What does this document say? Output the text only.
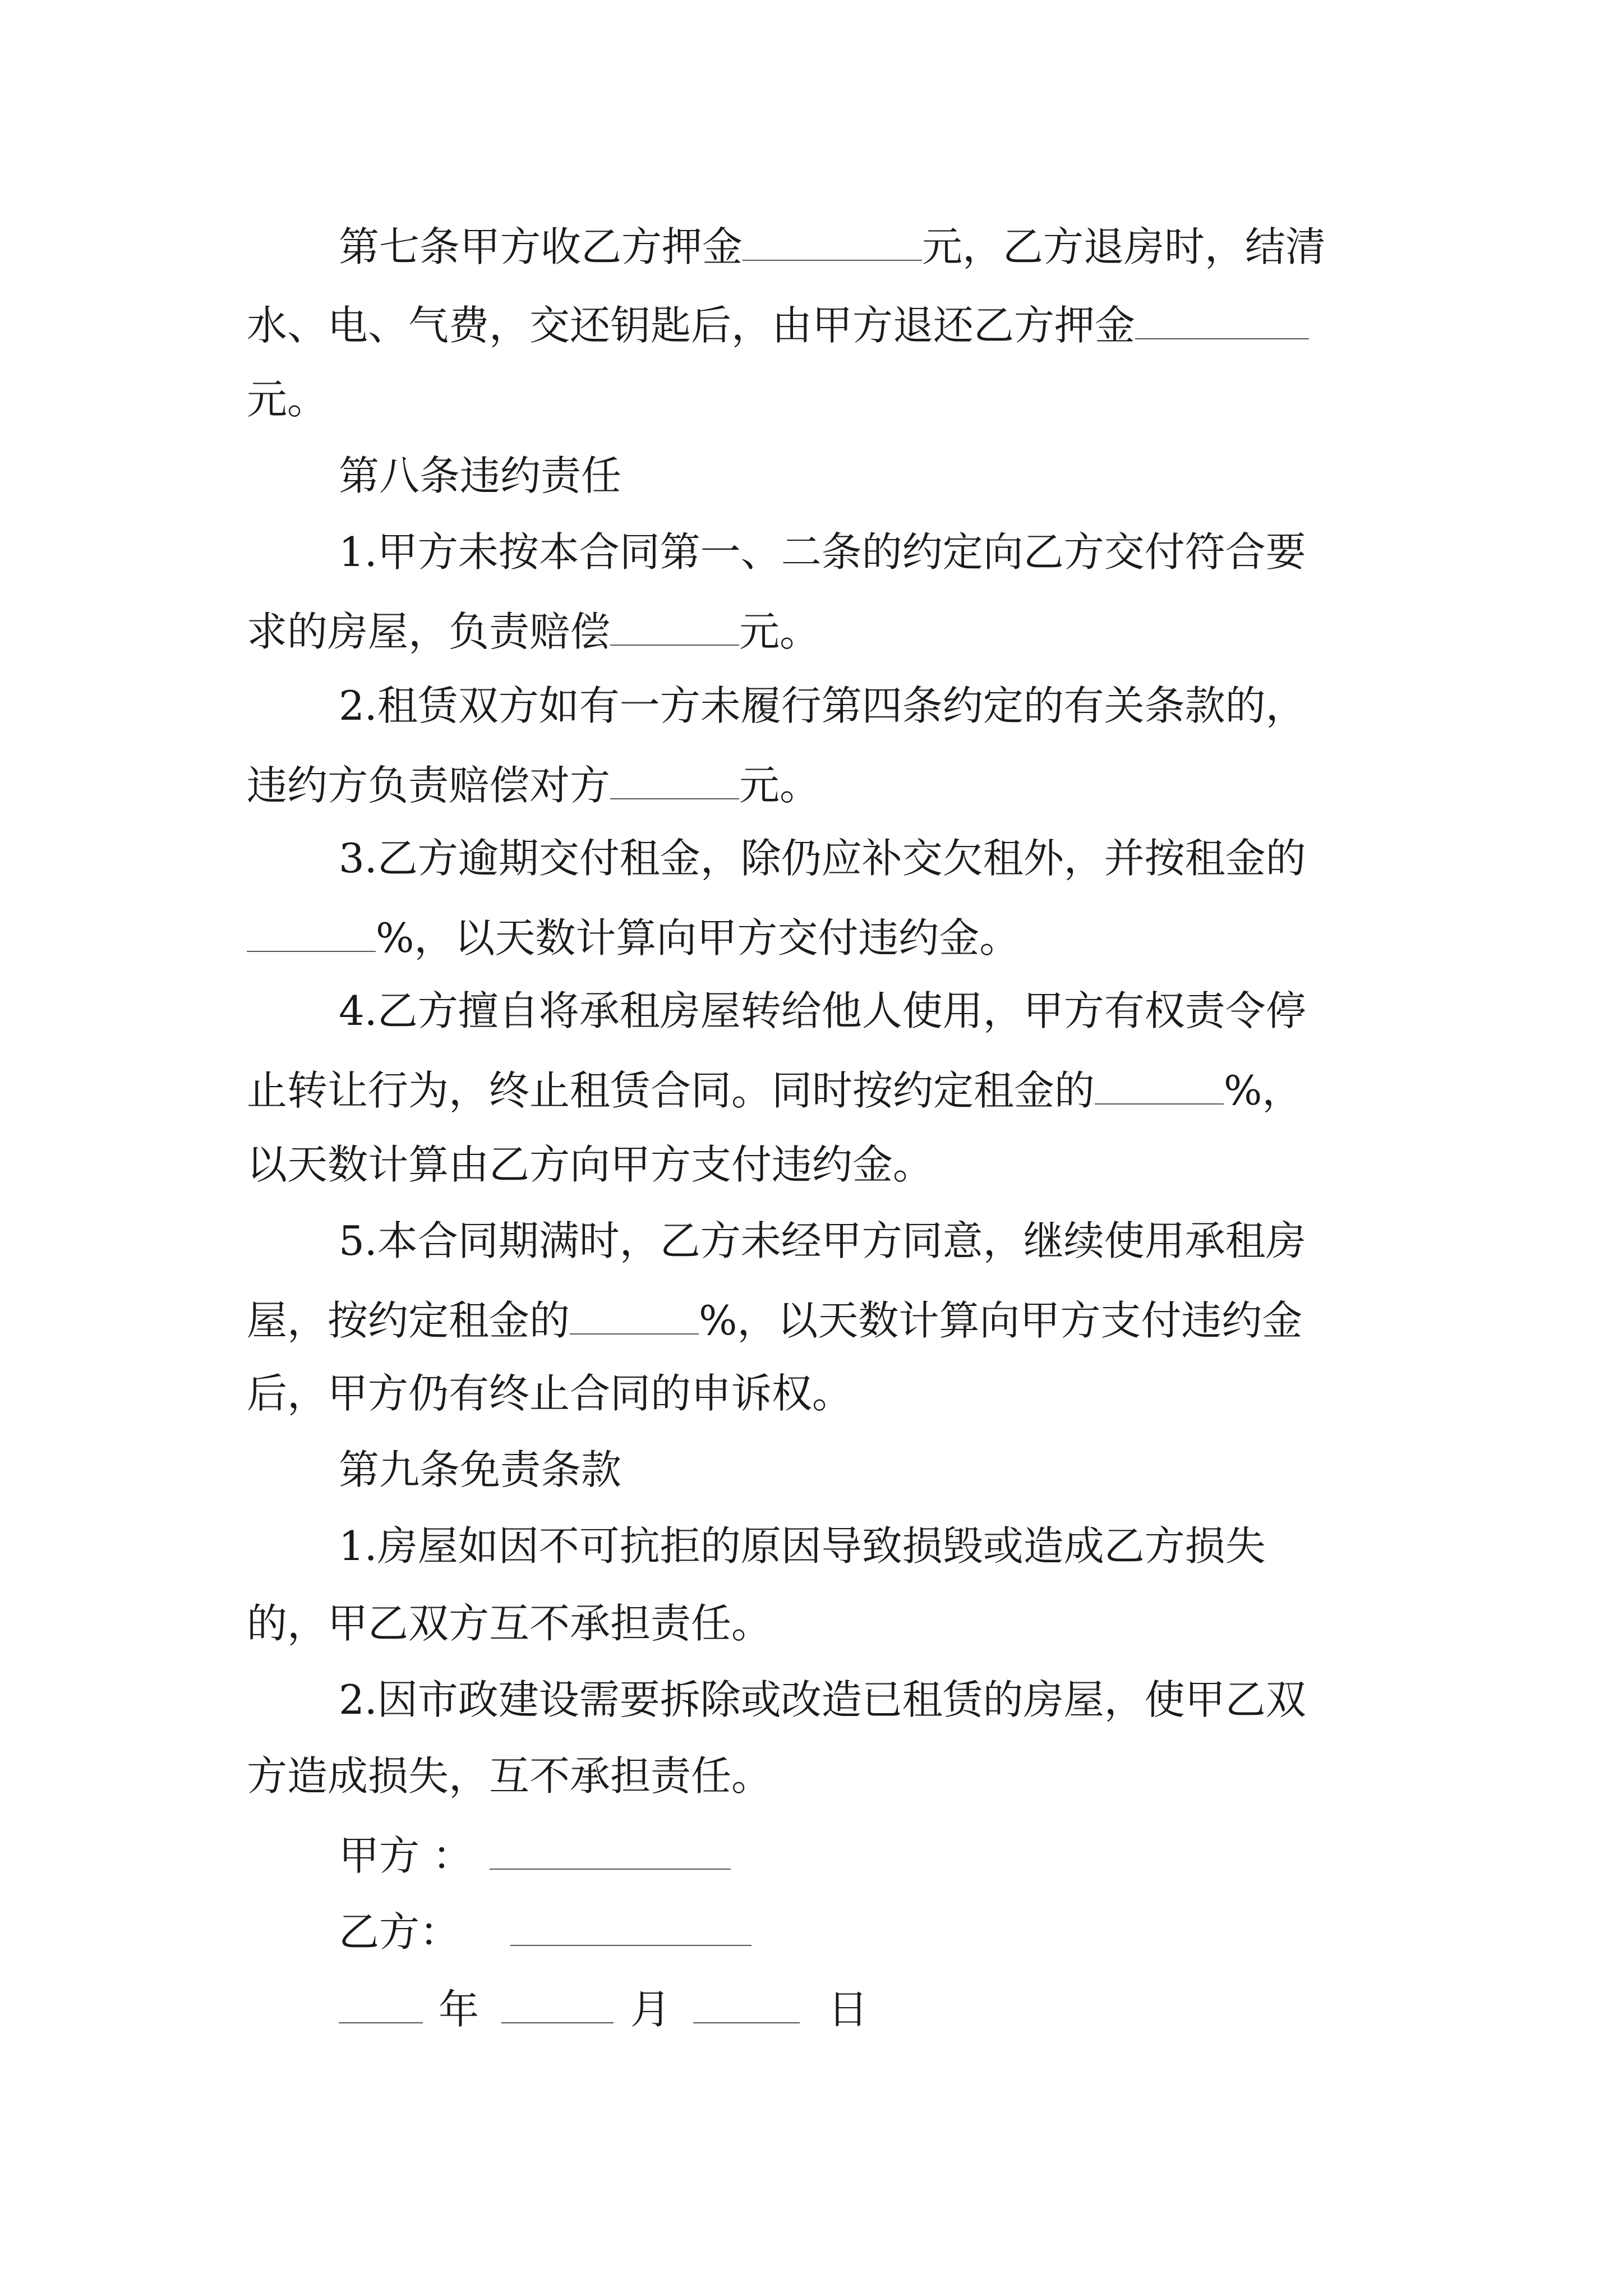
第七条甲方收乙方押金	元，乙方退房时，结清
水、电、气费，交还钥匙后，由甲方退还乙方押金
元。
第八条违约责任
1.甲方未按本合同第一、二条的约定向乙方交付符合要
求的房屋，负责赔偿	元。
2.租赁双方如有一方未履行第四条约定的有关条款的，
违约方负责赔偿对方	元。
3.乙方逾期交付租金，除仍应补交欠租外，并按租金的
%，以天数计算向甲方交付违约金。
4.乙方擅自将承租房屋转给他人使用，甲方有权责令停
止转让行为，终止租赁合同。同时按约定租金的	%，
以天数计算由乙方向甲方支付违约金。
5.本合同期满时，乙方未经甲方同意，继续使用承租房
屋，按约定租金的	%，以天数计算向甲方支付违约金
后，甲方仍有终止合同的申诉权。
第九条免责条款
1.房屋如因不可抗拒的原因导致损毁或造成乙方损失
的，甲乙双方互不承担责任。
2.因市政建设需要拆除或改造已租赁的房屋，使甲乙双
方造成损失，互不承担责任。
甲方 ：
乙方：
年	月	日
